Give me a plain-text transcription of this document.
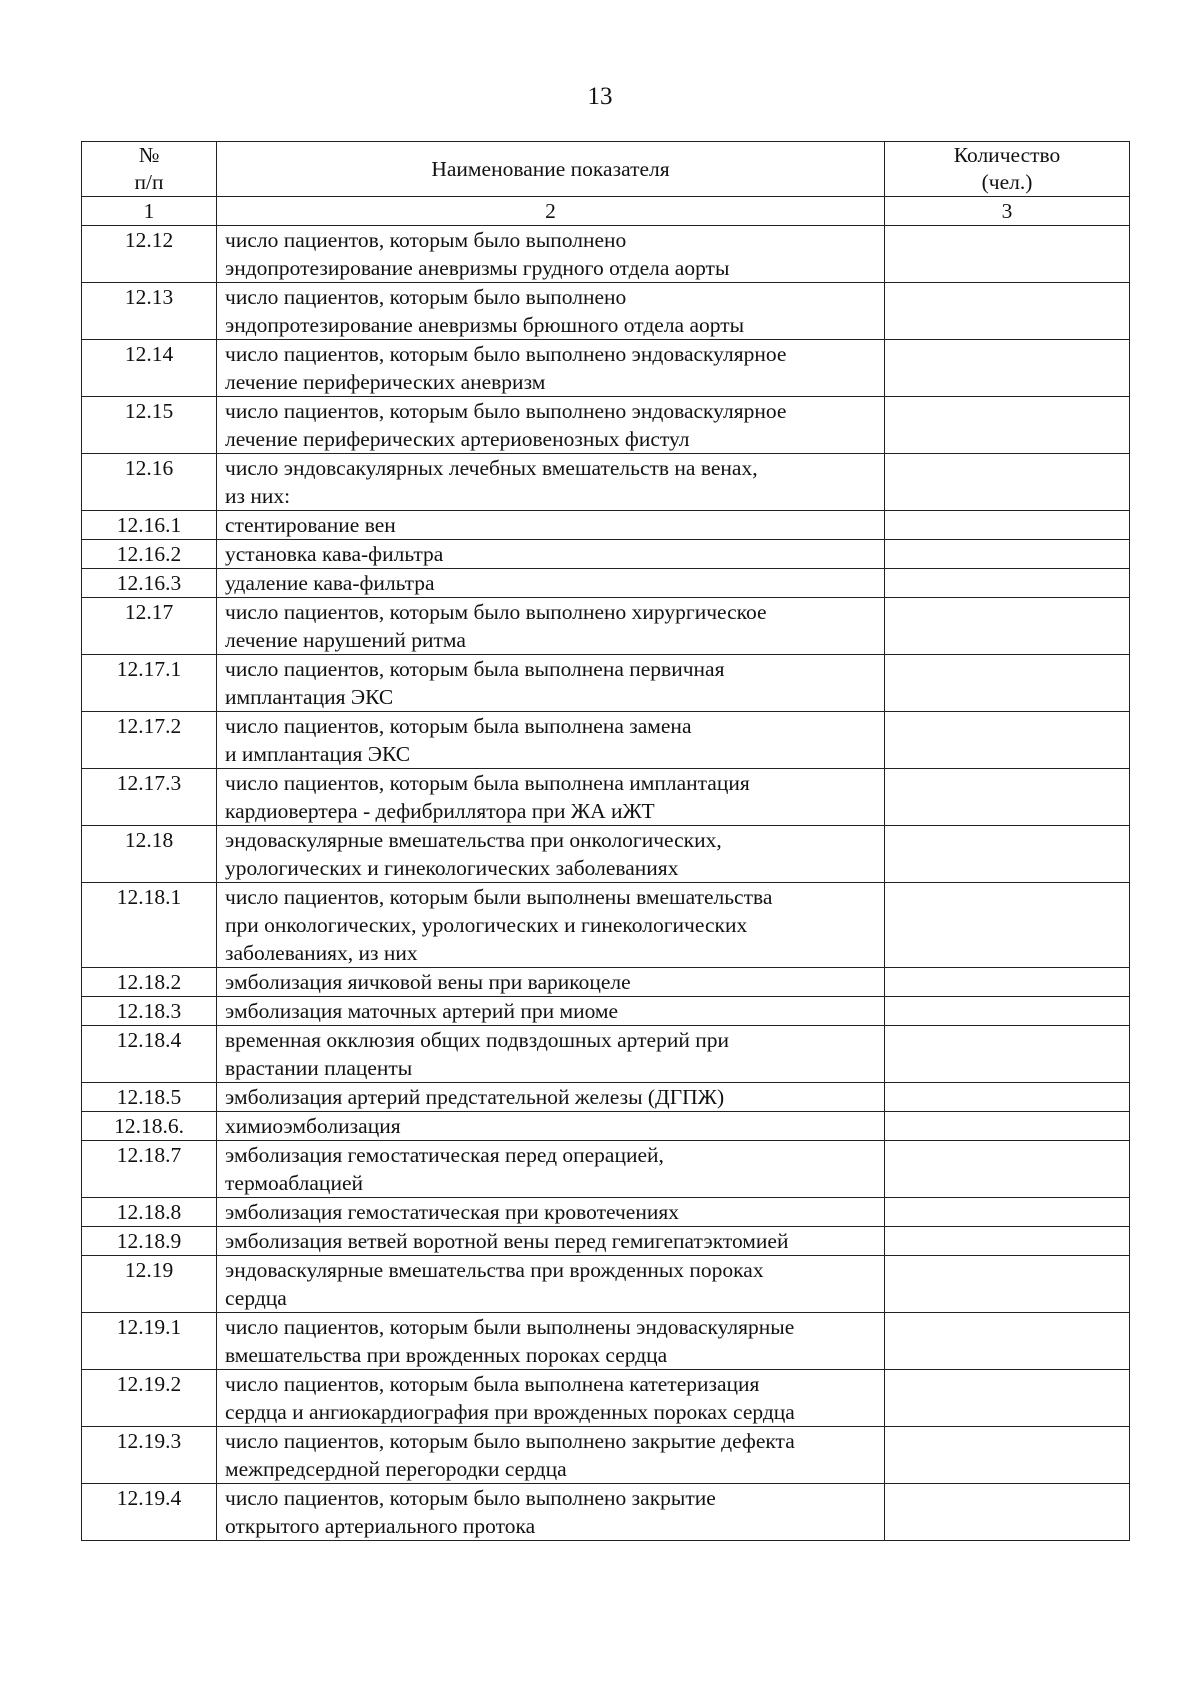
13
№
п/п	Наименование показателя	Количество
(чел.)
1	2	3
12.12	число пациентов, которым было выполнено
эндопротезирование аневризмы грудного отдела аорты	
12.13	число пациентов, которым было выполнено
эндопротезирование аневризмы брюшного отдела аорты	
12.14	число пациентов, которым было выполнено эндоваскулярное
лечение периферических аневризм	
12.15	число пациентов, которым было выполнено эндоваскулярное
лечение периферических артериовенозных фистул	
12.16	число эндовсакулярных лечебных вмешательств на венах,
из них:	
12.16.1	стентирование вен	
12.16.2	установка кава-фильтра	
12.16.3	удаление кава-фильтра	
12.17	число пациентов, которым было выполнено хирургическое
лечение нарушений ритма	
12.17.1	число пациентов, которым была выполнена первичная
имплантация ЭКС	
12.17.2	число пациентов, которым была выполнена замена
и имплантация ЭКС	
12.17.3	число пациентов, которым была выполнена имплантация
кардиовертера - дефибриллятора при ЖА иЖТ	
12.18	эндоваскулярные вмешательства при онкологических,
урологических и гинекологических заболеваниях	
12.18.1	число пациентов, которым были выполнены вмешательства
при онкологических, урологических и гинекологических
заболеваниях, из них	
12.18.2	эмболизация яичковой вены при варикоцеле	
12.18.3	эмболизация маточных артерий при миоме	
12.18.4	временная окклюзия общих подвздошных артерий при
врастании плаценты	
12.18.5	эмболизация артерий предстательной железы (ДГПЖ)	
12.18.6.	химиоэмболизация	
12.18.7	эмболизация гемостатическая перед операцией,
термоаблацией	
12.18.8	эмболизация гемостатическая при кровотечениях	
12.18.9	эмболизация ветвей воротной вены перед гемигепатэктомией	
12.19	эндоваскулярные вмешательства при врожденных пороках
сердца	
12.19.1	число пациентов, которым были выполнены эндоваскулярные
вмешательства при врожденных пороках сердца	
12.19.2	число пациентов, которым была выполнена катетеризация
сердца и ангиокардиография при врожденных пороках сердца	
12.19.3	число пациентов, которым было выполнено закрытие дефекта
межпредсердной перегородки сердца	
12.19.4	число пациентов, которым было выполнено закрытие
открытого артериального протока	
